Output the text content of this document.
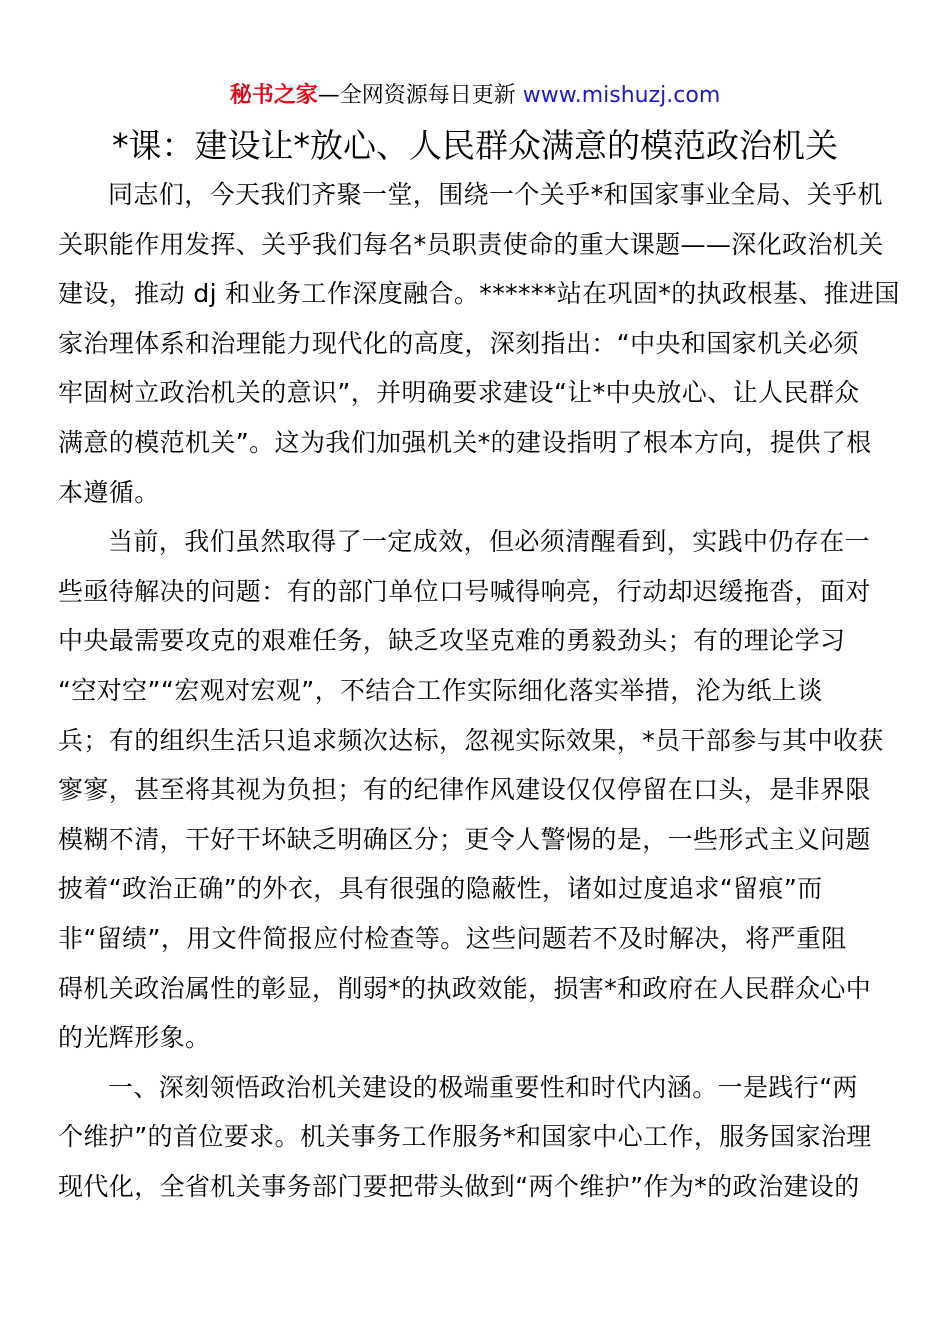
秘书之家—全网资源每日更新 www.mishuzj.com
*课：建设让*放心、人民群众满意的模范政治机关

同志们，今天我们齐聚一堂，围绕一个关乎*和国家事业全局、关乎机
关职能作用发挥、关乎我们每名*员职责使命的重大课题——深化政治机关
建设，推动 dj 和业务工作深度融合。******站在巩固*的执政根基、推进国
家治理体系和治理能力现代化的高度，深刻指出：“中央和国家机关必须
牢固树立政治机关的意识”，并明确要求建设“让*中央放心、让人民群众
满意的模范机关”。这为我们加强机关*的建设指明了根本方向，提供了根
本遵循。

当前，我们虽然取得了一定成效，但必须清醒看到，实践中仍存在一
些亟待解决的问题：有的部门单位口号喊得响亮，行动却迟缓拖沓，面对
中央最需要攻克的艰难任务，缺乏攻坚克难的勇毅劲头；有的理论学习
“空对空”“宏观对宏观”，不结合工作实际细化落实举措，沦为纸上谈
兵；有的组织生活只追求频次达标，忽视实际效果，*员干部参与其中收获
寥寥，甚至将其视为负担；有的纪律作风建设仅仅停留在口头，是非界限
模糊不清，干好干坏缺乏明确区分；更令人警惕的是，一些形式主义问题
披着“政治正确”的外衣，具有很强的隐蔽性，诸如过度追求“留痕”而
非“留绩”，用文件简报应付检查等。这些问题若不及时解决，将严重阻
碍机关政治属性的彰显，削弱*的执政效能，损害*和政府在人民群众心中
的光辉形象。

一、深刻领悟政治机关建设的极端重要性和时代内涵。一是践行“两
个维护”的首位要求。机关事务工作服务*和国家中心工作，服务国家治理
现代化，全省机关事务部门要把带头做到“两个维护”作为*的政治建设的
